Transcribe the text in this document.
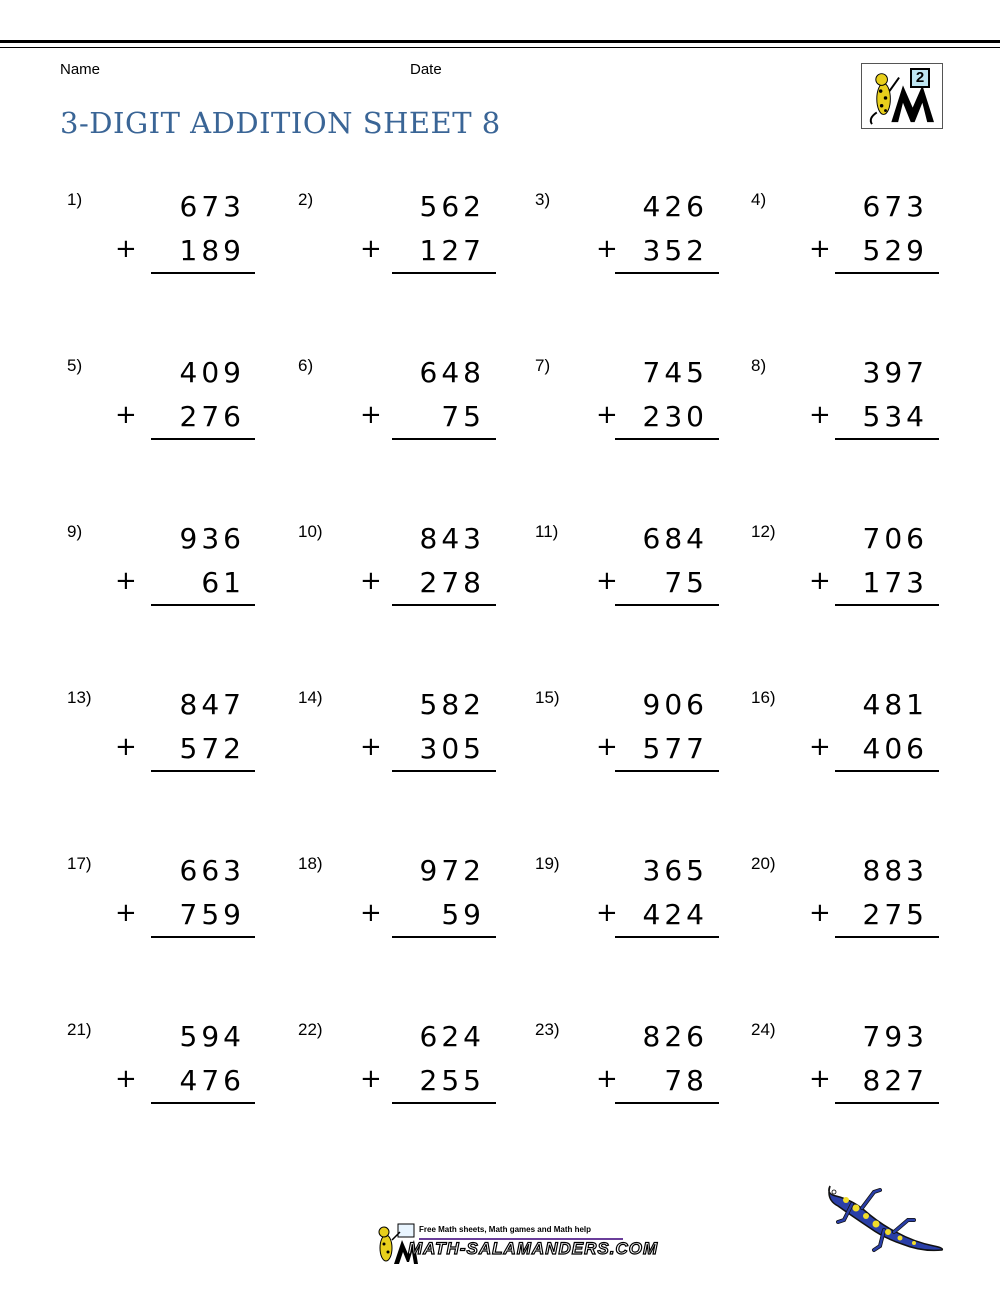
Name	Date
3-DIGIT ADDITION SHEET 8
2
1)	673
+ 189
2)	562
+ 127
3)	426
+ 352
4)	673
+ 529
5)	409
+ 276
6)	648
+ 75
7)	745
+ 230
8)	397
+ 534
9)	936
+ 61
10)	843
+ 278
11)	684
+ 75
12)	706
+ 173
13)	847
+ 572
14)	582
+ 305
15)	906
+ 577
16)	481
+ 406
17)	663
+ 759
18)	972
+ 59
19)	365
+ 424
20)	883
+ 275
21)	594
+ 476
22)	624
+ 255
23)	826
+ 78
24)	793
+ 827
Free Math sheets, Math games and Math help
MATH-SALAMANDERS.COM
